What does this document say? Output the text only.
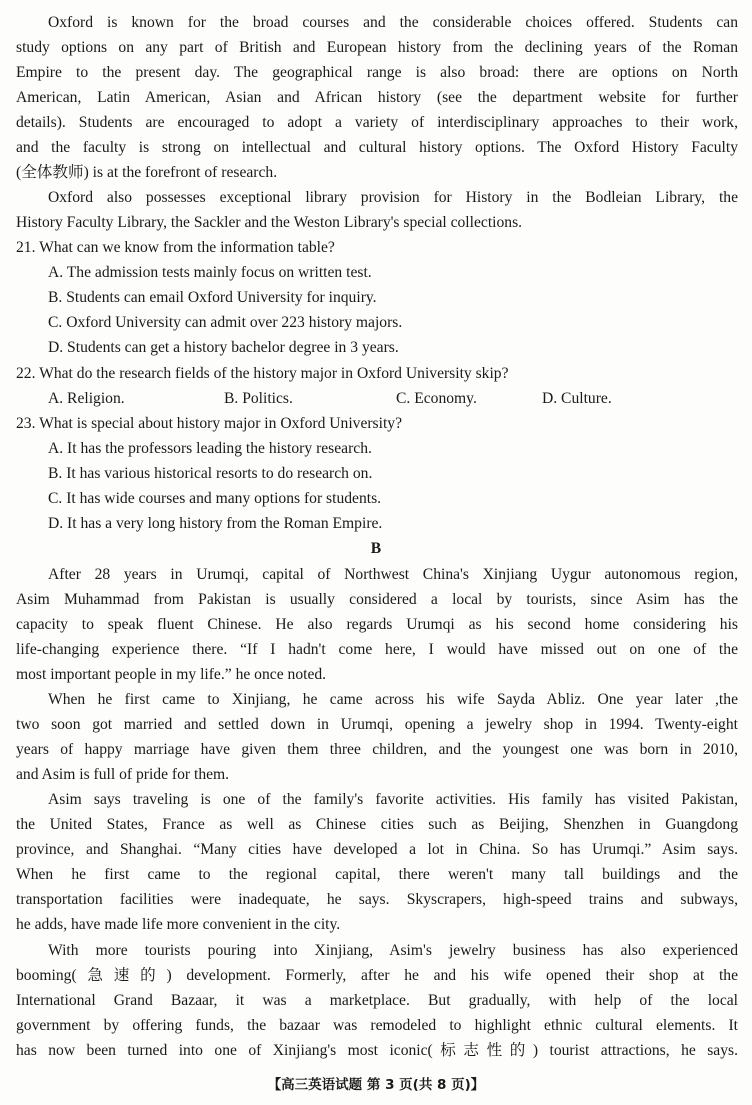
Oxford is known for the broad courses and the considerable choices offered. Students can
study options on any part of British and European history from the declining years of the Roman
Empire to the present day. The geographical range is also broad: there are options on North
American, Latin American, Asian and African history (see the department website for further
details). Students are encouraged to adopt a variety of interdisciplinary approaches to their work,
and the faculty is strong on intellectual and cultural history options. The Oxford History Faculty
(全体教师) is at the forefront of research.
Oxford also possesses exceptional library provision for History in the Bodleian Library, the
History Faculty Library, the Sackler and the Weston Library's special collections.
21. What can we know from the information table?
A. The admission tests mainly focus on written test.
B. Students can email Oxford University for inquiry.
C. Oxford University can admit over 223 history majors.
D. Students can get a history bachelor degree in 3 years.
22. What do the research fields of the history major in Oxford University skip?
A. Religion.	B. Politics.	C. Economy.	D. Culture.
23. What is special about history major in Oxford University?
A. It has the professors leading the history research.
B. It has various historical resorts to do research on.
C. It has wide courses and many options for students.
D. It has a very long history from the Roman Empire.
B
After 28 years in Urumqi, capital of Northwest China's Xinjiang Uygur autonomous region,
Asim Muhammad from Pakistan is usually considered a local by tourists, since Asim has the
capacity to speak fluent Chinese. He also regards Urumqi as his second home considering his
life-changing experience there. “If I hadn't come here, I would have missed out on one of the
most important people in my life.” he once noted.
When he first came to Xinjiang, he came across his wife Sayda Abliz. One year later ,the
two soon got married and settled down in Urumqi, opening a jewelry shop in 1994. Twenty-eight
years of happy marriage have given them three children, and the youngest one was born in 2010,
and Asim is full of pride for them.
Asim says traveling is one of the family's favorite activities. His family has visited Pakistan,
the United States, France as well as Chinese cities such as Beijing, Shenzhen in Guangdong
province, and Shanghai. “Many cities have developed a lot in China. So has Urumqi.” Asim says.
When he first came to the regional capital, there weren't many tall buildings and the
transportation facilities were inadequate, he says. Skyscrapers, high-speed trains and subways,
he adds, have made life more convenient in the city.
With more tourists pouring into Xinjiang, Asim's jewelry business has also experienced
booming(急速的) development. Formerly, after he and his wife opened their shop at the
International Grand Bazaar, it was a marketplace. But gradually, with help of the local
government by offering funds, the bazaar was remodeled to highlight ethnic cultural elements. It
has now been turned into one of Xinjiang's most iconic(标志性的) tourist attractions, he says.
【高三英语试题 第 3 页(共 8 页)】
